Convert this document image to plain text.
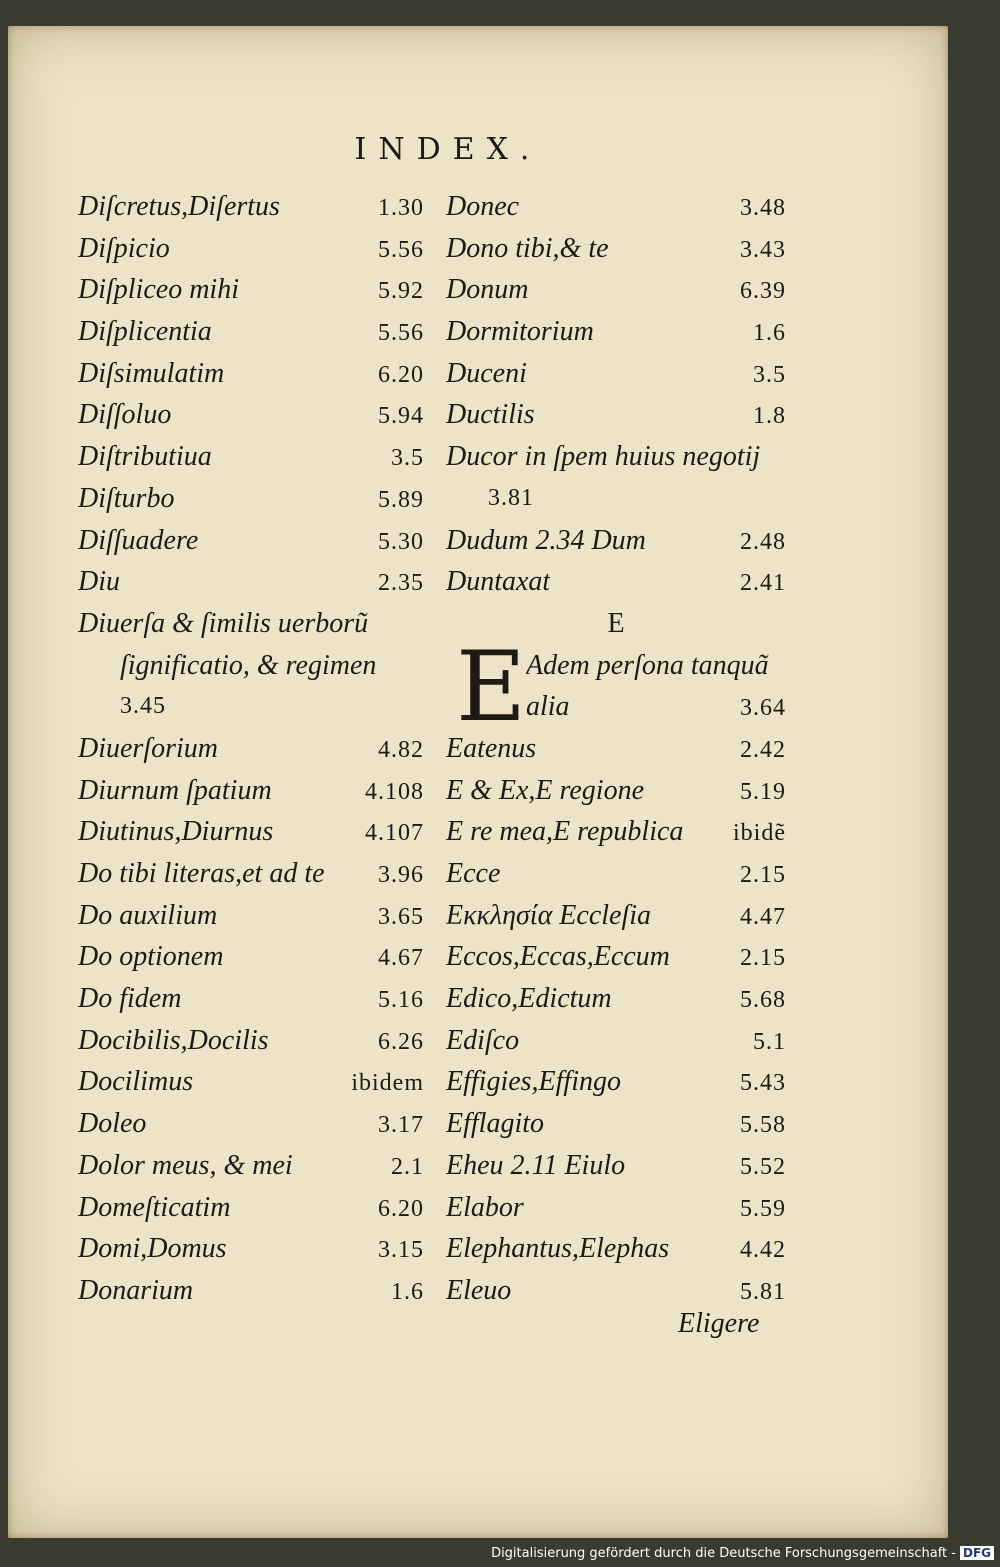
INDEX.
Diſcretus,Diſertus	1.30
Diſpicio	5.56
Diſpliceo mihi	5.92
Diſplicentia	5.56
Diſsimulatim	6.20
Diſſoluo	5.94
Diſtributiua	3.5
Diſturbo	5.89
Diſſuadere	5.30
Diu	2.35
Diuerſa & ſimilis uerborũ
ſignificatio, & regimen
3.45
Diuerſorium	4.82
Diurnum ſpatium	4.108
Diutinus,Diurnus	4.107
Do tibi literas,et ad te 3.96
Do auxilium	3.65
Do optionem	4.67
Do fidem	5.16
Docibilis,Docilis	6.26
Docilimus	ibidem
Doleo	3.17
Dolor meus, & mei	2.1
Domeſticatim	6.20
Domi,Domus	3.15
Donarium	1.6
Donec	3.48
Dono tibi,& te	3.43
Donum	6.39
Dormitorium	1.6
Duceni	3.5
Ductilis	1.8
Ducor in ſpem huius negotij
3.81
Dudum 2.34 Dum	2.48
Duntaxat	2.41
E
E Adem perſona tanquã
alia	3.64
Eatenus	2.42
E & Ex,E regione	5.19
E re mea,E republica ibidẽ
Ecce	2.15
Εκκλησία Eccleſia	4.47
Eccos,Eccas,Eccum	2.15
Edico,Edictum	5.68
Ediſco	5.1
Effigies,Effingo	5.43
Efflagito	5.58
Eheu 2.11 Eiulo	5.52
Elabor	5.59
Elephantus,Elephas	4.42
Eleuo	5.81
Eligere
Digitalisierung gefördert durch die Deutsche Forschungsgemeinschaft - DFG
